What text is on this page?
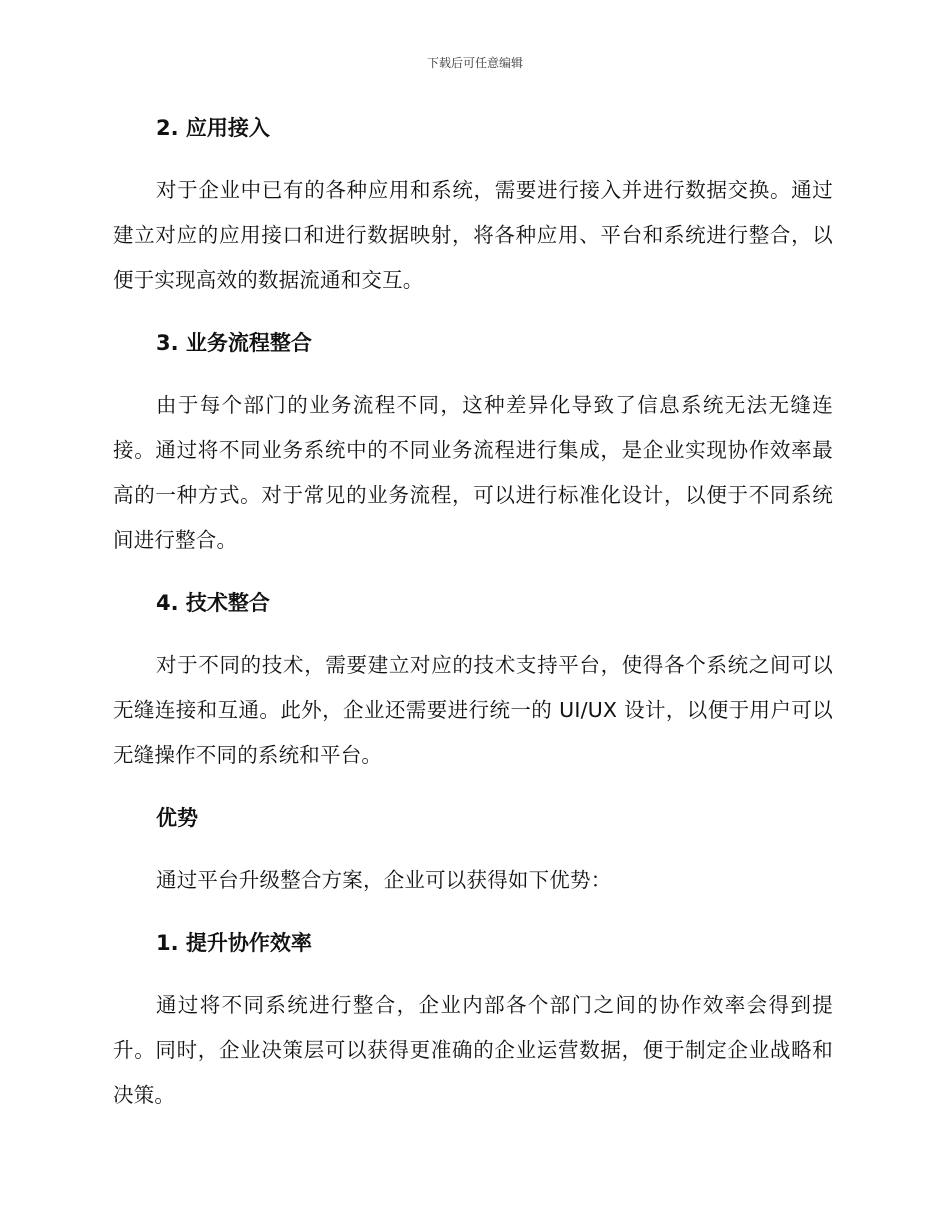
下载后可任意编辑
2. 应用接入

对于企业中已有的各种应用和系统，需要进行接入并进行数据交换。通过建立对应的应用接口和进行数据映射，将各种应用、平台和系统进行整合，以便于实现高效的数据流通和交互。

3. 业务流程整合

由于每个部门的业务流程不同，这种差异化导致了信息系统无法无缝连接。通过将不同业务系统中的不同业务流程进行集成，是企业实现协作效率最高的一种方式。对于常见的业务流程，可以进行标准化设计，以便于不同系统间进行整合。

4. 技术整合

对于不同的技术，需要建立对应的技术支持平台，使得各个系统之间可以无缝连接和互通。此外，企业还需要进行统一的 UI/UX 设计，以便于用户可以无缝操作不同的系统和平台。

优势

通过平台升级整合方案，企业可以获得如下优势：

1. 提升协作效率

通过将不同系统进行整合，企业内部各个部门之间的协作效率会得到提升。同时，企业决策层可以获得更准确的企业运营数据，便于制定企业战略和决策。
